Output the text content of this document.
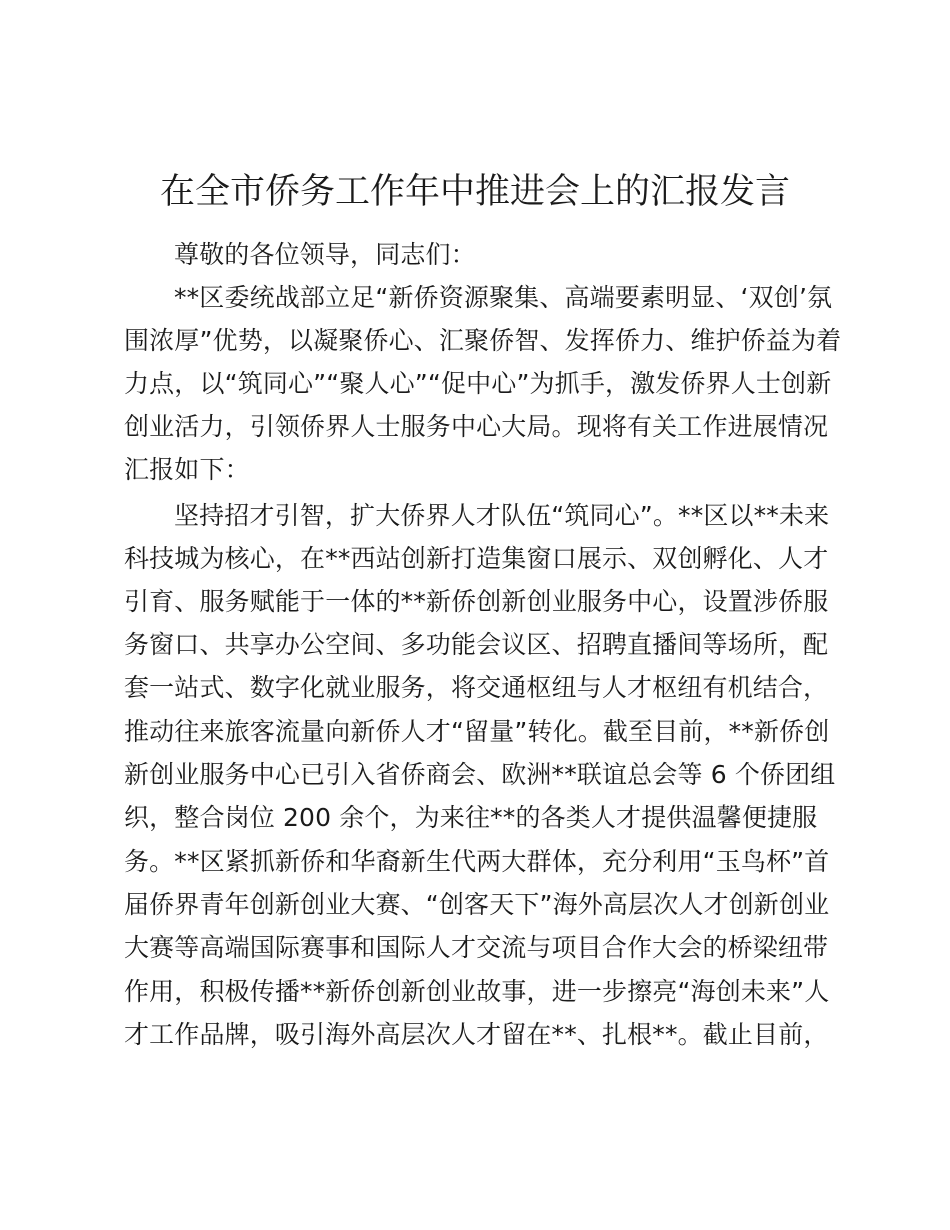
在全市侨务工作年中推进会上的汇报发言
尊敬的各位领导，同志们：
**区委统战部立足“新侨资源聚集、高端要素明显、‘双创’氛
围浓厚”优势，以凝聚侨心、汇聚侨智、发挥侨力、维护侨益为着
力点，以“筑同心”“聚人心”“促中心”为抓手，激发侨界人士创新
创业活力，引领侨界人士服务中心大局。现将有关工作进展情况
汇报如下：
坚持招才引智，扩大侨界人才队伍“筑同心”。**区以**未来
科技城为核心，在**西站创新打造集窗口展示、双创孵化、人才
引育、服务赋能于一体的**新侨创新创业服务中心，设置涉侨服
务窗口、共享办公空间、多功能会议区、招聘直播间等场所，配
套一站式、数字化就业服务，将交通枢纽与人才枢纽有机结合，
推动往来旅客流量向新侨人才“留量”转化。截至目前，**新侨创
新创业服务中心已引入省侨商会、欧洲**联谊总会等 6 个侨团组
织，整合岗位 200 余个，为来往**的各类人才提供温馨便捷服
务。**区紧抓新侨和华裔新生代两大群体，充分利用“玉鸟杯”首
届侨界青年创新创业大赛、“创客天下”海外高层次人才创新创业
大赛等高端国际赛事和国际人才交流与项目合作大会的桥梁纽带
作用，积极传播**新侨创新创业故事，进一步擦亮“海创未来”人
才工作品牌，吸引海外高层次人才留在**、扎根**。截止目前，
